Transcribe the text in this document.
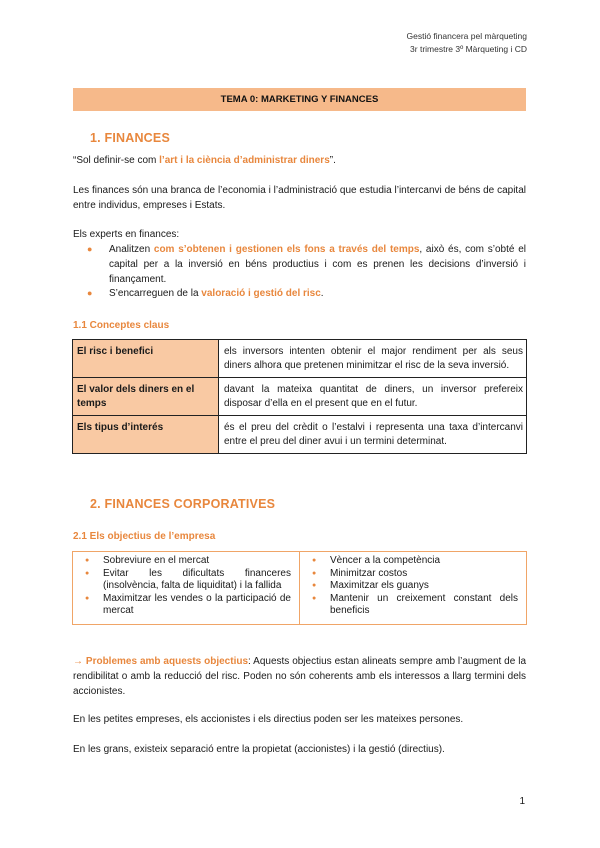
Gestió financera pel màrqueting
3r trimestre 3º Màrqueting i CD
TEMA 0: MARKETING Y FINANCES
1. FINANCES
“Sol definir-se com l’art i la ciència d’administrar diners”.
Les finances són una branca de l’economia i l’administració que estudia l’intercanvi de béns de capital entre individus, empreses i Estats.
Els experts en finances:
●	Analitzen com s’obtenen i gestionen els fons a través del temps, això és, com s’obté el capital per a la inversió en béns productius i com es prenen les decisions d’inversió i finançament.
●	S’encarreguen de la valoració i gestió del risc.
1.1 Conceptes claus
El risc i benefici	els inversors intenten obtenir el major rendiment per als seus diners alhora que pretenen minimitzar el risc de la seva inversió.
El valor dels diners en el temps	davant la mateixa quantitat de diners, un inversor prefereix disposar d’ella en el present que en el futur.
Els tipus d’interés	és el preu del crèdit o l’estalvi i representa una taxa d’intercanvi entre el preu del diner avui i un termini determinat.
2. FINANCES CORPORATIVES
2.1 Els objectius de l’empresa
● Sobreviure en el mercat
● Evitar les dificultats financeres (insolvència, falta de liquiditat) i la fallida
● Maximitzar les vendes o la participació de mercat

● Vèncer a la competència
● Minimitzar costos
● Maximitzar els guanys
● Mantenir un creixement constant dels beneficis
→ Problemes amb aquests objectius: Aquests objectius estan alineats sempre amb l’augment de la rendibilitat o amb la reducció del risc. Poden no són coherents amb els interessos a llarg termini dels accionistes.
En les petites empreses, els accionistes i els directius poden ser les mateixes persones.
En les grans, existeix separació entre la propietat (accionistes) i la gestió (directius).
1
